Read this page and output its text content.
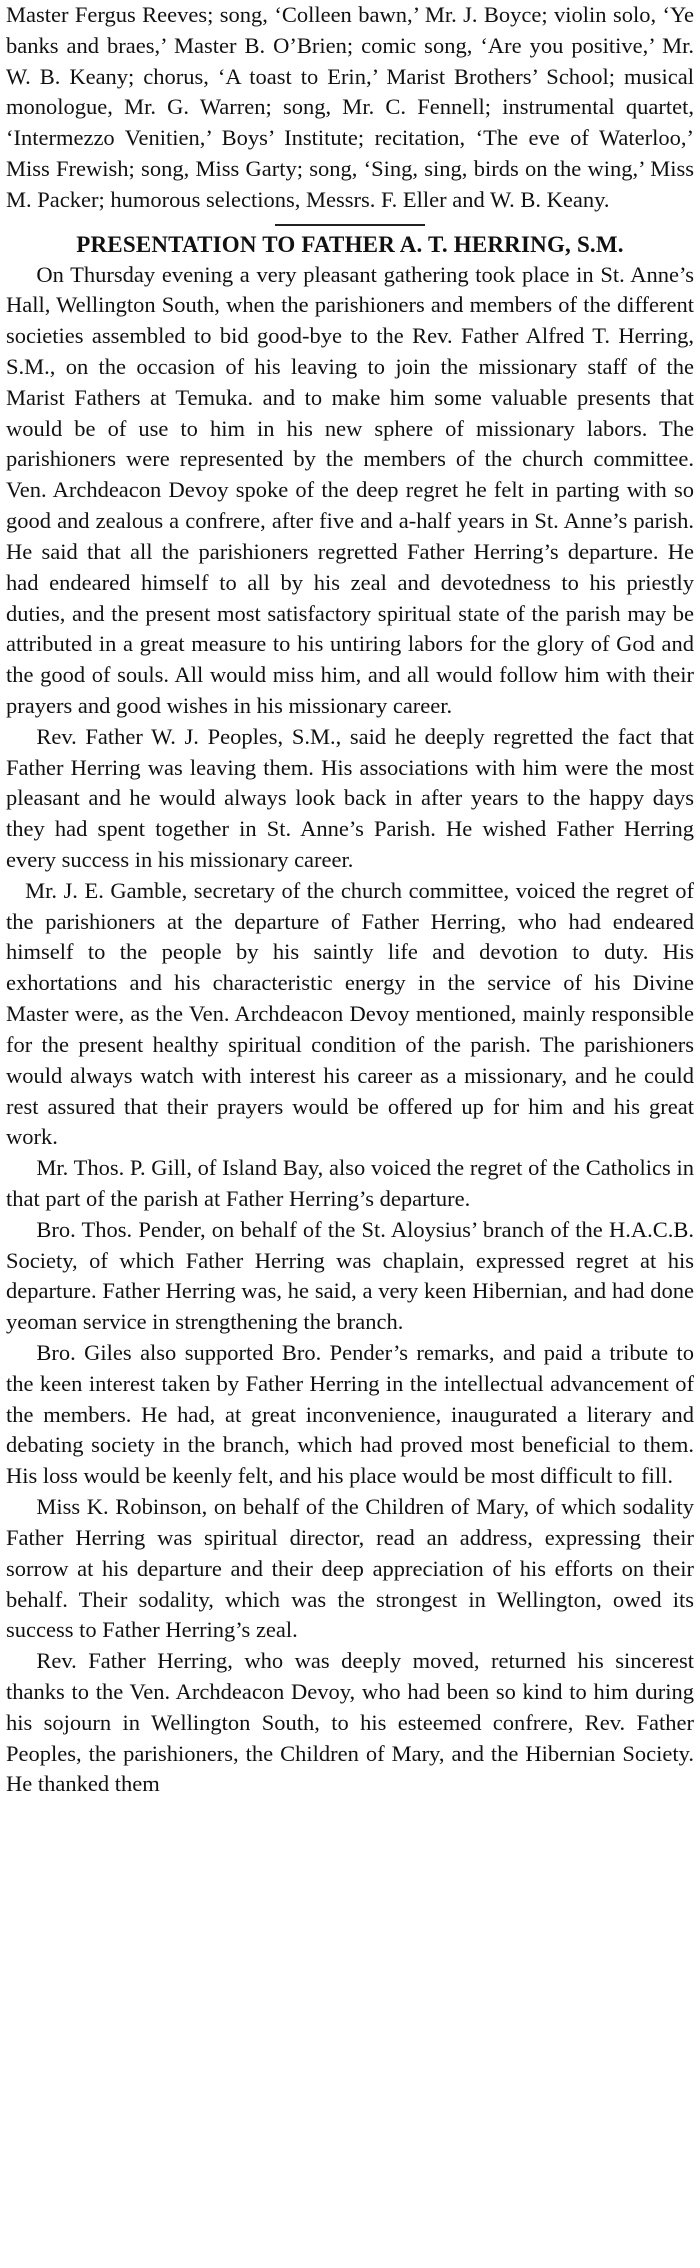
Master Fergus Reeves; song, ‘Colleen bawn,’ Mr. J. Boyce; violin solo, ‘Ye banks and braes,’ Master B. O’Brien; comic song, ‘Are you positive,’ Mr. W. B. Keany; chorus, ‘A toast to Erin,’ Marist Brothers’ School; musical monologue, Mr. G. Warren; song, Mr. C. Fennell; instrumental quartet, ‘Intermezzo Venitien,’ Boys’ Institute; recitation, ‘The eve of Waterloo,’ Miss Frewish; song, Miss Garty; song, ‘Sing, sing, birds on the wing,’ Miss M. Packer; humorous selections, Messrs. F. Eller and W. B. Keany.

PRESENTATION TO FATHER A. T. HERRING, S.M.

On Thursday evening a very pleasant gathering took place in St. Anne’s Hall, Wellington South, when the parishioners and members of the different societies assembled to bid good-bye to the Rev. Father Alfred T. Herring, S.M., on the occasion of his leaving to join the missionary staff of the Marist Fathers at Temuka. and to make him some valuable presents that would be of use to him in his new sphere of missionary labors. The parishioners were represented by the members of the church committee. Ven. Archdeacon Devoy spoke of the deep regret he felt in parting with so good and zealous a confrere, after five and a-half years in St. Anne’s parish. He said that all the parishioners regretted Father Herring’s departure. He had endeared himself to all by his zeal and devotedness to his priestly duties, and the present most satisfactory spiritual state of the parish may be attributed in a great measure to his untiring labors for the glory of God and the good of souls. All would miss him, and all would follow him with their prayers and good wishes in his missionary career.

Rev. Father W. J. Peoples, S.M., said he deeply regretted the fact that Father Herring was leaving them. His associations with him were the most pleasant and he would always look back in after years to the happy days they had spent together in St. Anne’s Parish. He wished Father Herring every success in his missionary career.

Mr. J. E. Gamble, secretary of the church committee, voiced the regret of the parishioners at the departure of Father Herring, who had endeared himself to the people by his saintly life and devotion to duty. His exhortations and his characteristic energy in the service of his Divine Master were, as the Ven. Archdeacon Devoy mentioned, mainly responsible for the present healthy spiritual condition of the parish. The parishioners would always watch with interest his career as a missionary, and he could rest assured that their prayers would be offered up for him and his great work.

Mr. Thos. P. Gill, of Island Bay, also voiced the regret of the Catholics in that part of the parish at Father Herring’s departure.

Bro. Thos. Pender, on behalf of the St. Aloysius’ branch of the H.A.C.B. Society, of which Father Herring was chaplain, expressed regret at his departure. Father Herring was, he said, a very keen Hibernian, and had done yeoman service in strengthening the branch.

Bro. Giles also supported Bro. Pender’s remarks, and paid a tribute to the keen interest taken by Father Herring in the intellectual advancement of the members. He had, at great inconvenience, inaugurated a literary and debating society in the branch, which had proved most beneficial to them. His loss would be keenly felt, and his place would be most difficult to fill.

Miss K. Robinson, on behalf of the Children of Mary, of which sodality Father Herring was spiritual director, read an address, expressing their sorrow at his departure and their deep appreciation of his efforts on their behalf. Their sodality, which was the strongest in Wellington, owed its success to Father Herring’s zeal.

Rev. Father Herring, who was deeply moved, returned his sincerest thanks to the Ven. Archdeacon Devoy, who had been so kind to him during his sojourn in Wellington South, to his esteemed confrere, Rev. Father Peoples, the parishioners, the Children of Mary, and the Hibernian Society. He thanked them
